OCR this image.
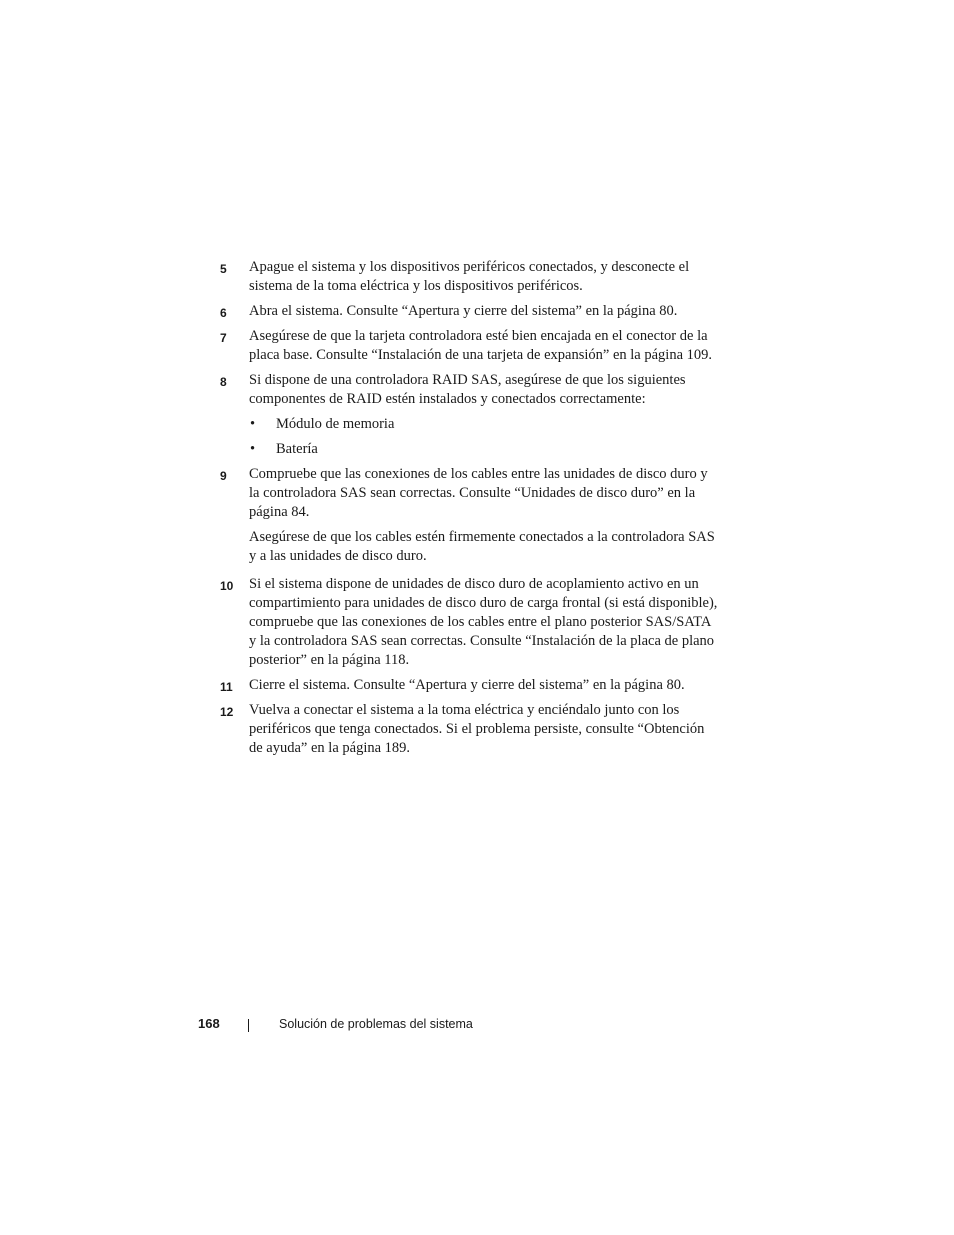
5 Apague el sistema y los dispositivos periféricos conectados, y desconecte el sistema de la toma eléctrica y los dispositivos periféricos.

6 Abra el sistema. Consulte “Apertura y cierre del sistema” en la página 80.

7 Asegúrese de que la tarjeta controladora esté bien encajada en el conector de la placa base. Consulte “Instalación de una tarjeta de expansión” en la página 109.

8 Si dispone de una controladora RAID SAS, asegúrese de que los siguientes componentes de RAID estén instalados y conectados correctamente:

• Módulo de memoria
• Batería
9 Compruebe que las conexiones de los cables entre las unidades de disco duro y la controladora SAS sean correctas. Consulte “Unidades de disco duro” en la página 84.

Asegúrese de que los cables estén firmemente conectados a la controladora SAS y a las unidades de disco duro.

10 Si el sistema dispone de unidades de disco duro de acoplamiento activo en un compartimiento para unidades de disco duro de carga frontal (si está disponible), compruebe que las conexiones de los cables entre el plano posterior SAS/SATA y la controladora SAS sean correctas. Consulte “Instalación de la placa de plano posterior” en la página 118.

11 Cierre el sistema. Consulte “Apertura y cierre del sistema” en la página 80.

12 Vuelva a conectar el sistema a la toma eléctrica y enciéndalo junto con los periféricos que tenga conectados. Si el problema persiste, consulte “Obtención de ayuda” en la página 189.

168	Solución de problemas del sistema
